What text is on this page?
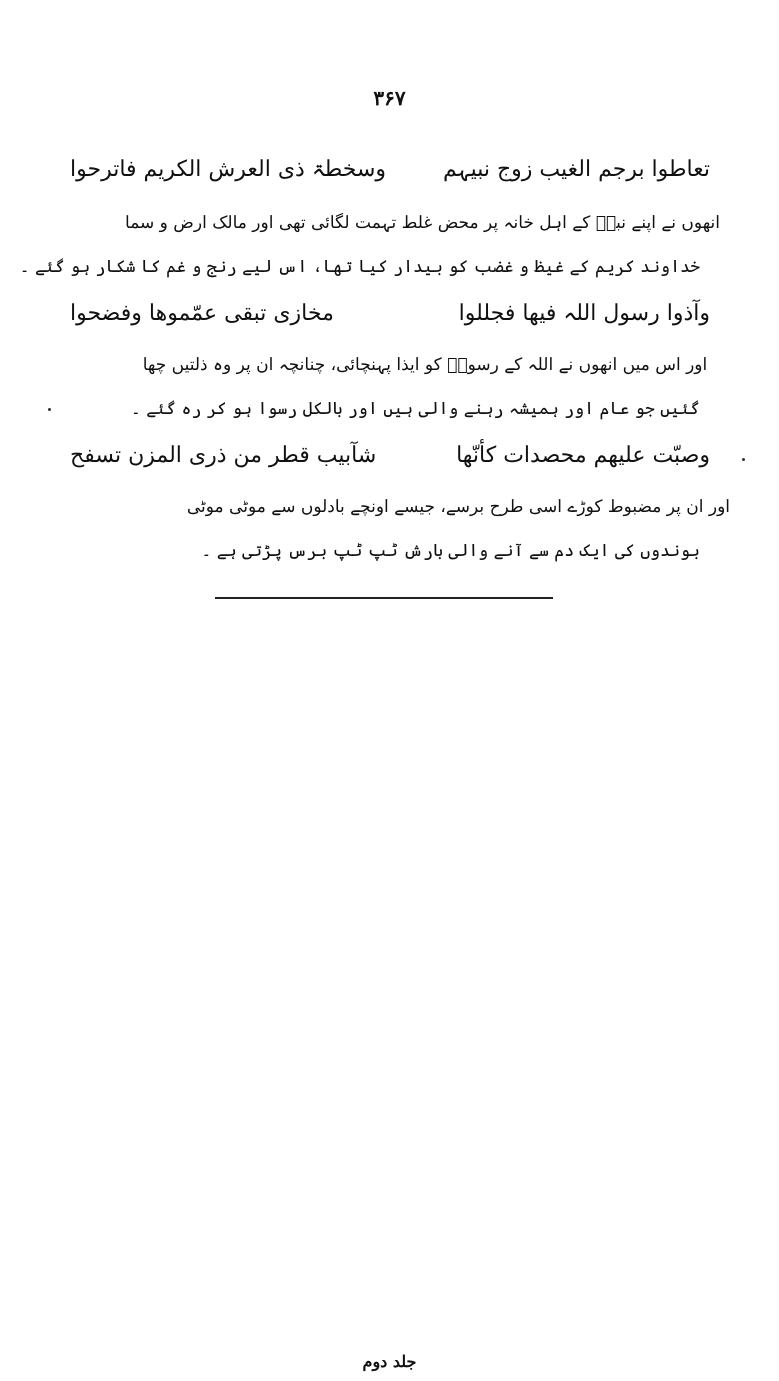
۳۶۷
تعاطوا برجم الغیب زوج نبیہم
وسخطۃ ذی العرش الکریم فاترحوا
انھوں نے اپنے نبیؐ کے اہل خانہ پر محض غلط تہمت لگائی تھی اور مالک ارض و سما
خداوند کریم کے غیظ و غضب کو بیدار کیا تھا، اس لیے رنج و غم کا شکار ہو گئے ۔
وآذوا رسول اللہ فیھا فجللوا
مخازی تبقی عمّموھا وفضحوا
اور اس میں انھوں نے اللہ کے رسولؐ کو ایذا پہنچائی، چنانچہ ان پر وہ ذلتیں چھا
گئیں جو عام اور ہمیشہ رہنے والی ہیں اور بالکل رسوا ہو کر رہ گئے ۔
وصبّت علیھم محصدات کأنّھا
شآبیب قطر من ذری المزن تسفح
اور ان پر مضبوط کوڑے اسی طرح برسے، جیسے اونچے بادلوں سے موٹی موٹی
بوندوں کی ایک دم سے آنے والی بارش ٹپ ٹپ برس پڑتی ہے ۔
جلد دوم
